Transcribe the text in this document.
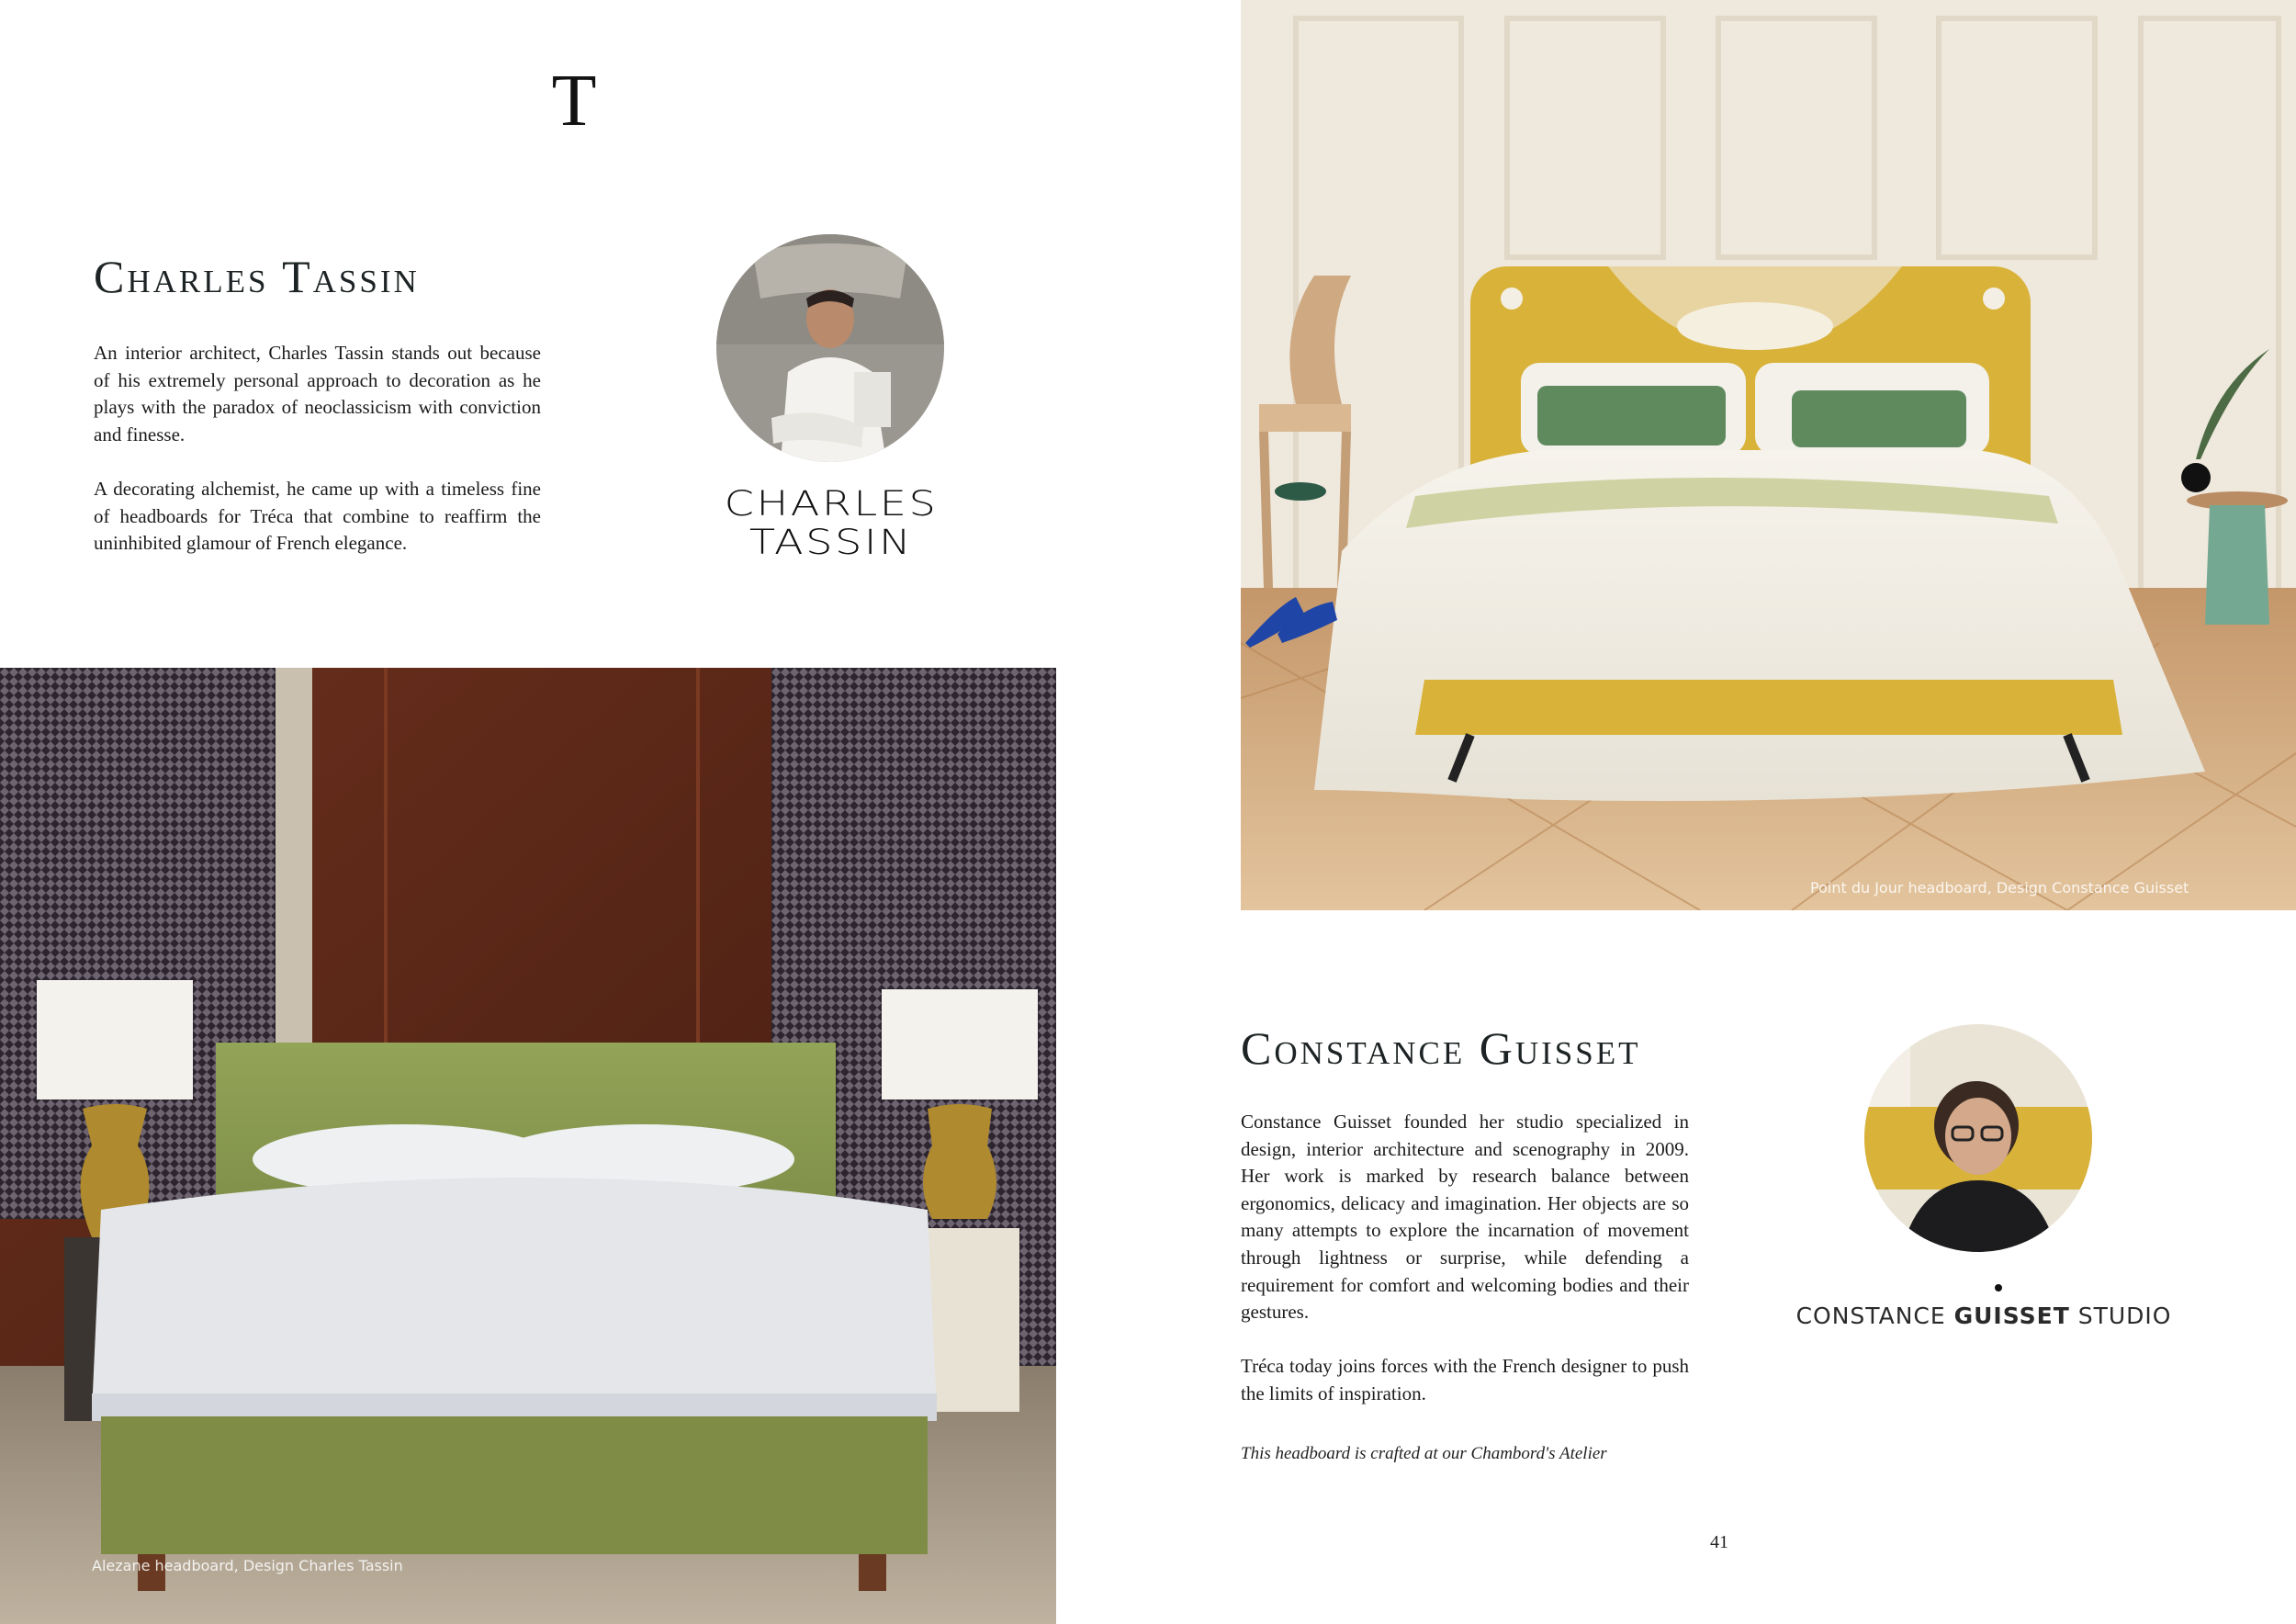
T
Charles Tassin

An interior architect, Charles Tassin stands out because of his extremely personal approach to decoration as he plays with the paradox of neoclassicism with conviction and finesse.

A decorating alchemist, he came up with a timeless fine of headboards for Tréca that combine to reaffirm the uninhibited glamour of French elegance.

CHARLES
TASSIN
Alezane headboard, Design Charles Tassin
Point du Jour headboard, Design Constance Guisset
Constance Guisset

Constance Guisset founded her studio specialized in design, interior architecture and scenography in 2009. Her work is marked by research balance between ergonomics, delicacy and imagination. Her objects are so many attempts to explore the incarnation of movement through lightness or surprise, while defending a requirement for comfort and welcoming bodies and their gestures.

Tréca today joins forces with the French designer to push the limits of inspiration.

This headboard is crafted at our Chambord's Atelier
CONSTANCE GUISSET STUDIO
41
